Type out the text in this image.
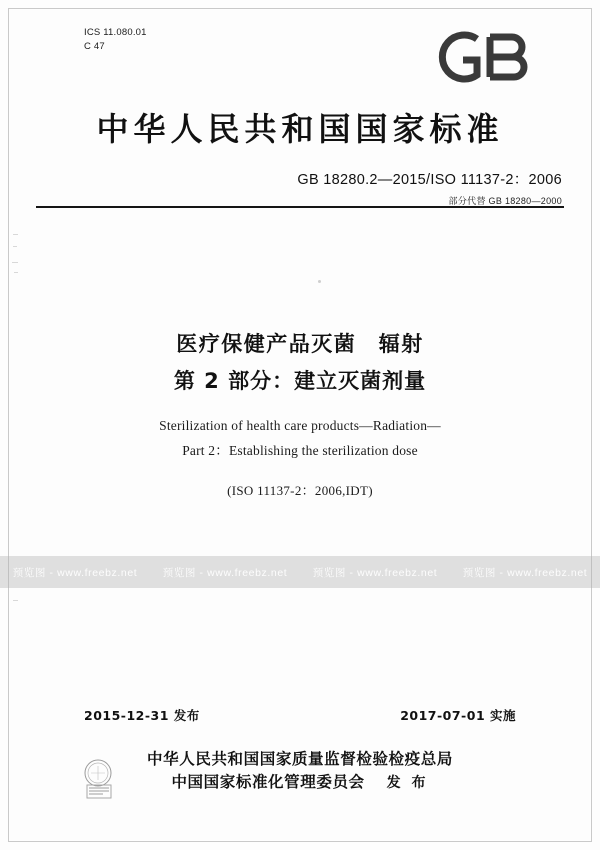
ICS 11.080.01
C 47
中华人民共和国国家标准
GB 18280.2—2015/ISO 11137-2：2006
部分代替 GB 18280—2000
医疗保健产品灭菌　辐射
第 2 部分：建立灭菌剂量
Sterilization of health care products—Radiation—
Part 2：Establishing the sterilization dose
(ISO 11137-2：2006,IDT)
预览图 - www.freebz.net 预览图 - www.freebz.net 预览图 - www.freebz.net 预览图 - www.freebz.net
2015-12-31 发布	2017-07-01 实施
中华人民共和国国家质量监督检验检疫总局
中国国家标准化管理委员会 发 布
